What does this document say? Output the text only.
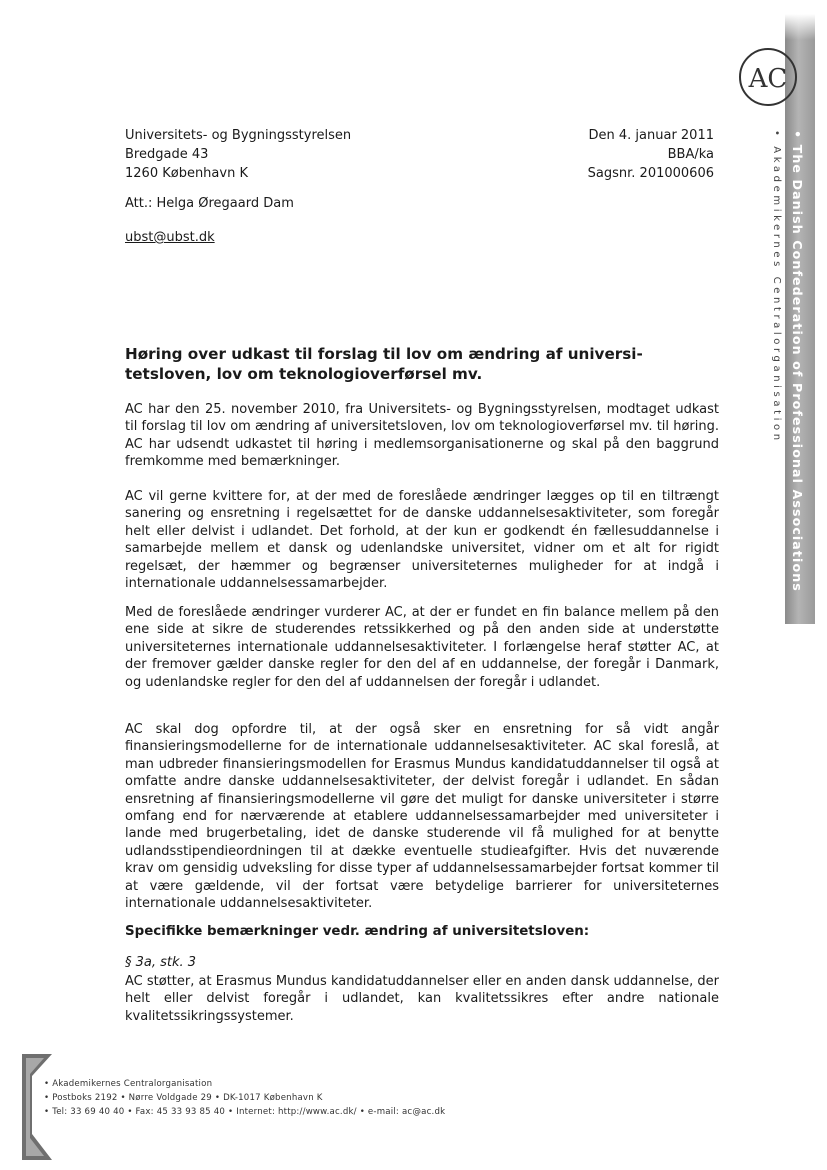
• The Danish Confederation of Professional Associations
• Akademikernes Centralorganisation
AC
Universitets- og Bygningsstyrelsen
Bredgade 43
1260 København K
Den 4. januar 2011
BBA/ka
Sagsnr. 201000606
Att.: Helga Øregaard Dam
ubst@ubst.dk
Høring over udkast til forslag til lov om ændring af universi-tetsloven, lov om teknologioverførsel mv.

AC har den 25. november 2010, fra Universitets- og Bygningsstyrelsen, modtaget udkast til forslag til lov om ændring af universitetsloven, lov om teknologioverførsel mv. til høring. AC har udsendt udkastet til høring i medlemsorganisationerne og skal på den baggrund fremkomme med bemærkninger.

AC vil gerne kvittere for, at der med de foreslåede ændringer lægges op til en tiltrængt sanering og ensretning i regelsættet for de danske uddannelsesaktiviteter, som foregår helt eller delvist i udlandet. Det forhold, at der kun er godkendt én fællesuddannelse i samarbejde mellem et dansk og udenlandske universitet, vidner om et alt for rigidt regelsæt, der hæmmer og begrænser universiteternes muligheder for at indgå i internationale uddannelsessamarbejder.

Med de foreslåede ændringer vurderer AC, at der er fundet en fin balance mellem på den ene side at sikre de studerendes retssikkerhed og på den anden side at understøtte universiteternes internationale uddannelsesaktiviteter. I forlængelse heraf støtter AC, at der fremover gælder danske regler for den del af en uddannelse, der foregår i Danmark, og udenlandske regler for den del af uddannelsen der foregår i udlandet.

AC skal dog opfordre til, at der også sker en ensretning for så vidt angår finansieringsmodellerne for de internationale uddannelsesaktiviteter. AC skal foreslå, at man udbreder finansieringsmodellen for Erasmus Mundus kandidatuddannelser til også at omfatte andre danske uddannelsesaktiviteter, der delvist foregår i udlandet. En sådan ensretning af finansieringsmodellerne vil gøre det muligt for danske universiteter i større omfang end for nærværende at etablere uddannelsessamarbejder med universiteter i lande med brugerbetaling, idet de danske studerende vil få mulighed for at benytte udlandsstipendieordningen til at dække eventuelle studieafgifter. Hvis det nuværende krav om gensidig udveksling for disse typer af uddannelsessamarbejder fortsat kommer til at være gældende, vil der fortsat være betydelige barrierer for universiteternes internationale uddannelsesaktiviteter.

Specifikke bemærkninger vedr. ændring af universitetsloven:
§ 3a, stk. 3

AC støtter, at Erasmus Mundus kandidatuddannelser eller en anden dansk uddannelse, der helt eller delvist foregår i udlandet, kan kvalitetssikres efter andre nationale kvalitetssikringssystemer.

• Akademikernes Centralorganisation
• Postboks 2192 • Nørre Voldgade 29 • DK-1017 København K
• Tel: 33 69 40 40 • Fax: 45 33 93 85 40 • Internet: http://www.ac.dk/ • e-mail: ac@ac.dk
